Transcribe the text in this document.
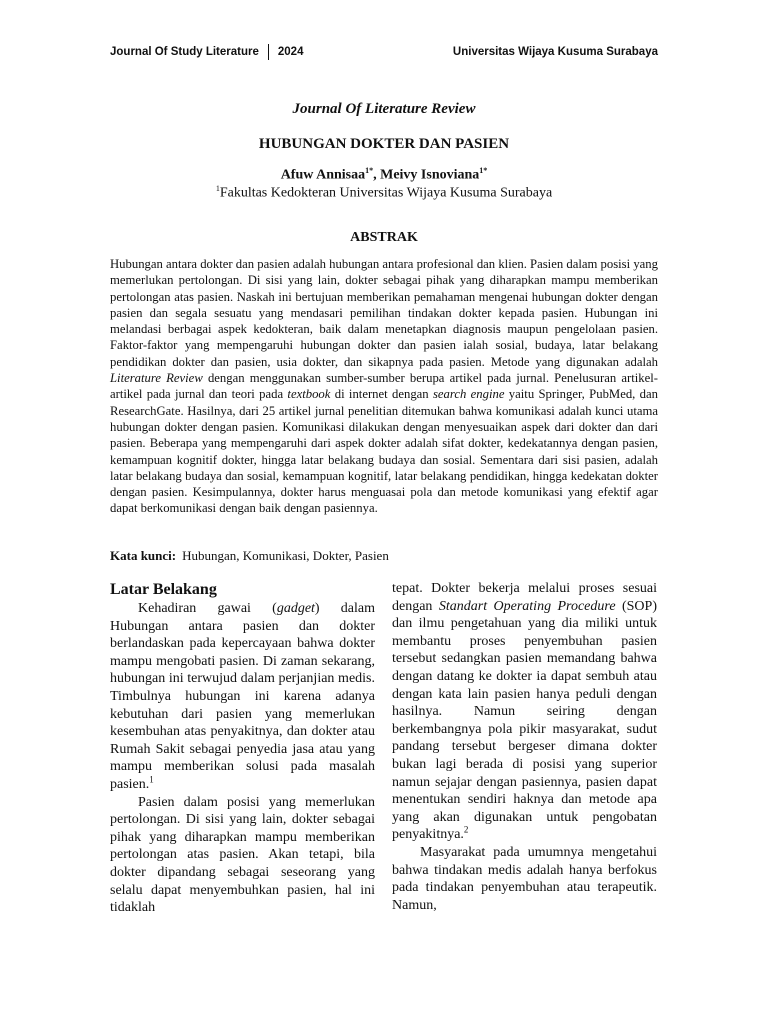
Journal Of Study Literature 2024	Universitas Wijaya Kusuma Surabaya
Journal Of Literature Review
HUBUNGAN DOKTER DAN PASIEN
Afuw Annisaa$^{1*}$, Meivy Isnoviana$^{1*}$
$^1$Fakultas Kedokteran Universitas Wijaya Kusuma Surabaya
ABSTRAK
Hubungan antara dokter dan pasien adalah hubungan antara profesional dan klien. Pasien dalam posisi yang memerlukan pertolongan. Di sisi yang lain, dokter sebagai pihak yang diharapkan mampu memberikan pertolongan atas pasien. Naskah ini bertujuan memberikan pemahaman mengenai hubungan dokter dengan pasien dan segala sesuatu yang mendasari pemilihan tindakan dokter kepada pasien. Hubungan ini melandasi berbagai aspek kedokteran, baik dalam menetapkan diagnosis maupun pengelolaan pasien. Faktor-faktor yang mempengaruhi hubungan dokter dan pasien ialah sosial, budaya, latar belakang pendidikan dokter dan pasien, usia dokter, dan sikapnya pada pasien. Metode yang digunakan adalah Literature Review dengan menggunakan sumber-sumber berupa artikel pada jurnal. Penelusuran artikel-artikel pada jurnal dan teori pada textbook di internet dengan search engine yaitu Springer, PubMed, dan ResearchGate. Hasilnya, dari 25 artikel jurnal penelitian ditemukan bahwa komunikasi adalah kunci utama hubungan dokter dengan pasien. Komunikasi dilakukan dengan menyesuaikan aspek dari dokter dan dari pasien. Beberapa yang mempengaruhi dari aspek dokter adalah sifat dokter, kedekatannya dengan pasien, kemampuan kognitif dokter, hingga latar belakang budaya dan sosial. Sementara dari sisi pasien, adalah latar belakang budaya dan sosial, kemampuan kognitif, latar belakang pendidikan, hingga kedekatan dokter dengan pasien. Kesimpulannya, dokter harus menguasai pola dan metode komunikasi yang efektif agar dapat berkomunikasi dengan baik dengan pasiennya.
Kata kunci: Hubungan, Komunikasi, Dokter, Pasien
Latar Belakang

Kehadiran gawai (gadget) dalam Hubungan antara pasien dan dokter berlandaskan pada kepercayaan bahwa dokter mampu mengobati pasien. Di zaman sekarang, hubungan ini terwujud dalam perjanjian medis. Timbulnya hubungan ini karena adanya kebutuhan dari pasien yang memerlukan kesembuhan atas penyakitnya, dan dokter atau Rumah Sakit sebagai penyedia jasa atau yang mampu memberikan solusi pada masalah pasien.$^1$

Pasien dalam posisi yang memerlukan pertolongan. Di sisi yang lain, dokter sebagai pihak yang diharapkan mampu memberikan pertolongan atas pasien. Akan tetapi, bila dokter dipandang sebagai seseorang yang selalu dapat menyembuhkan pasien, hal ini tidaklah

tepat. Dokter bekerja melalui proses sesuai dengan Standart Operating Procedure (SOP) dan ilmu pengetahuan yang dia miliki untuk membantu proses penyembuhan pasien tersebut sedangkan pasien memandang bahwa dengan datang ke dokter ia dapat sembuh atau dengan kata lain pasien hanya peduli dengan hasilnya. Namun seiring dengan berkembangnya pola pikir masyarakat, sudut pandang tersebut bergeser dimana dokter bukan lagi berada di posisi yang superior namun sejajar dengan pasiennya, pasien dapat menentukan sendiri haknya dan metode apa yang akan digunakan untuk pengobatan penyakitnya.$^2$

Masyarakat pada umumnya mengetahui bahwa tindakan medis adalah hanya berfokus pada tindakan penyembuhan atau terapeutik. Namun,
